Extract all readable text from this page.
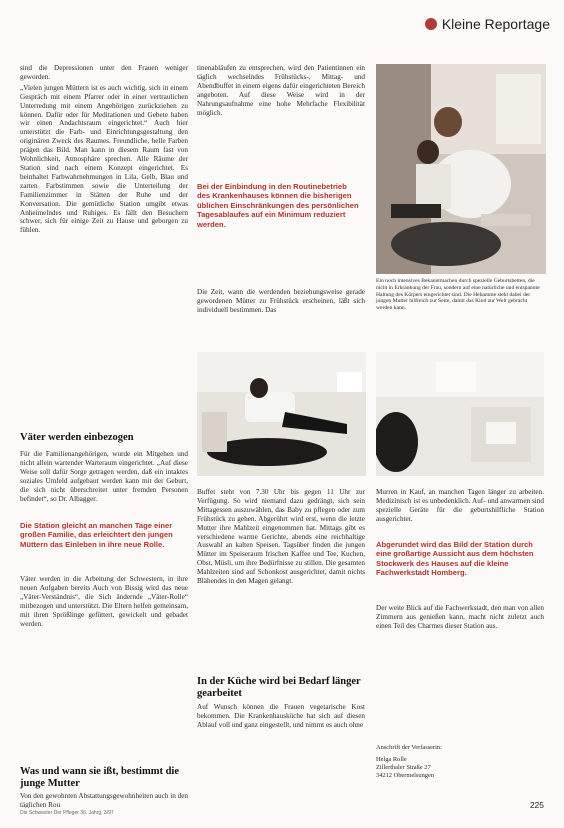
Kleine Reportage

sind die Depressionen unter den Frauen weniger geworden.

„Vielen jungen Müttern ist es auch wichtig, sich in einem Gespräch mit einem Pfarrer oder in einer vertraulichen Unterredung mit einem Angehörigen zurückziehen zu können. Dafür oder für Meditationen und Gebete haben wir einen Andachtsraum eingerichtet.“ Auch hier unterstützt die Farb- und Einrichtungsgestaltung den originären Zweck des Raumes. Freundliche, helle Farben prägen das Bild. Man kann in diesem Raum fast von Wohnlichkeit, Atmosphäre sprechen. Alle Räume der Station sind nach einem Konzept eingerichtet. Es beinhaltet Farbwahrnehmungen in Lila, Gelb, Blau und zarten Farbstimmen sowie die Unterteilung der Familienzimmer in Stätten der Ruhe und der Konversation. Die gemütliche Station umgibt etwas Anheimelndes und Ruhiges. Es fällt den Besuchern schwer, sich für einige Zeit zu Hause und geborgen zu fühlen.

Väter werden einbezogen

Für die Familienangehörigen, wurde ein Mitgehen und nicht allein wartender Warteraum eingerichtet. „Auf diese Weise soll dafür Sorge getragen werden, daß ein intaktes soziales Umfeld aufgebaut werden kann mit der Geburt, die sich nicht überschreitet unter fremden Personen befindet“, so Dr. Albagger.

Die Station gleicht an manchen Tage einer großen Familie, das erleichtert den jungen Müttern das Einleben in ihre neue Rolle.

Väter werden in die Arbeitung der Schwestern, in ihre neuen Aufgaben bereits Auch von Bissig wird das neue „Väter-Verständnis“, die Sich ändernde „Väter-Rolle“ mitbezogen und unterstützt. Die Eltern helfen gemeinsam, mit ihren Sprößlinge gefüttert, gewickelt und gebadet werden.

Was und wann sie ißt, bestimmt die junge Mutter

Von den gewohnten Abstattungsgewohnheiten auch in den täglichen Rou

tinenabläufen zu entsprechen, wird den Patientinnen ein täglich wechselndes Frühstücks-, Mittag- und Abendbuffet in einem eigens dafür eingerichteten Bereich angeboten. Auf diese Weise wird in der Nahrungsaufnahme eine hohe Mehrfache Flexibilität möglich.

Bei der Einbindung in den Routinebetrieb des Krankenhauses können die bisherigen üblichen Einschränkungen des persönlichen Tagesablaufes auf ein Minimum reduziert werden.

Die Zeit, wann die werdenden beziehungsweise gerade gewordenen Mütter zu Frühstück erscheinen, läßt sich individuell bestimmen. Das

Ein noch intensives Bekanntmachen durch spezielle Geburtsbetten, die nicht in Erkrankung der Frau, sondern auf eine natürliche und entspannte Haltung des Körpers eingerichtet sind. Die Hebamme steht dabei der jungen Mutter hilfreich zur Seite, damit das Kind zur Welt gebracht werden kann.

Buffet steht von 7.30 Uhr bis gegen 11 Uhr zur Verfügung. So wird niemand dazu gedrängt, sich sein Mittagessen auszuwählen, das Baby zu pflegen oder zum Frühstück zu gehen. Abgerührt wird erst, wenn die letzte Mutter ihre Mahlzeit eingenommen hat. Mittags gibt es verschiedene warme Gerichte, abends eine reichhaltige Auswahl an kalten Speisen. Tagsüber finden die jungen Mütter im Speiseraum frischen Kaffee und Tee, Kuchen, Obst, Müsli, um ihre Bedürfnisse zu stillen. Die gesamten Mahlzeiten sind auf Schonkost ausgerichtet, damit nichts Blähendes in den Magen gelangt.

In der Küche wird bei Bedarf länger gearbeitet

Auf Wunsch können die Frauen vegetarische Kost bekommen. Die Krankenhausküche hat sich auf diesen Ablauf voll und ganz eingestellt, und nimmt es auch ohne

Murren in Kauf, an manchen Tagen länger zu arbeiten. Medizinisch ist es unbedenklich. Auf- und anwarmen sind spezielle Geräte für die geburtshilfliche Station ausgerichtet.

Abgerundet wird das Bild der Station durch eine großartige Aussicht aus dem höchsten Stockwerk des Hauses auf die kleine Fachwerkstadt Homberg.

Der weite Blick auf die Fachwerkstadt, den man von allen Zimmern aus genießen kann, macht nicht zuletzt auch einen Teil des Charmes dieser Station aus.

Anschrift der Verfasserin:
Helga Rolle
Zillerthaler Straße 27
34212 Obermelsungen
Die Schwester Der Pfleger 36. Jahrg. 3/97
225
